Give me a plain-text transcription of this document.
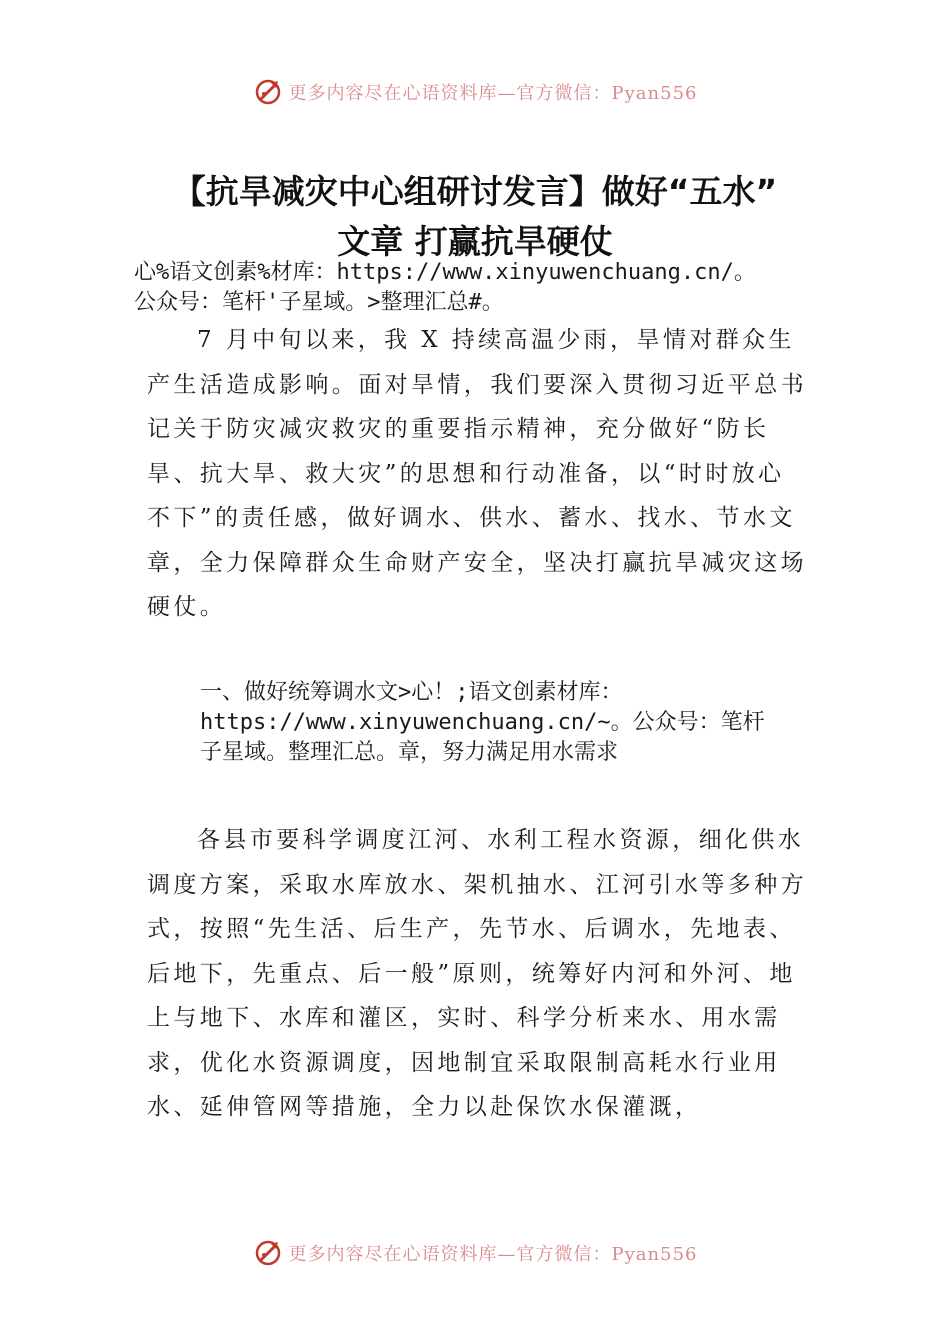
更多内容尽在心语资料库—官方微信：Pyan556
【抗旱减灾中心组研讨发言】做好“五水”
文章 打赢抗旱硬仗
心%语文创素%材库：https://www.xinyuwenchuang.cn/。
公众号：笔杆'子星域。>整理汇总#。
7 月中旬以来，我 X 持续高温少雨，旱情对群众生产生活造成影响。面对旱情，我们要深入贯彻习近平总书记关于防灾减灾救灾的重要指示精神，充分做好“防长旱、抗大旱、救大灾”的思想和行动准备，以“时时放心不下”的责任感，做好调水、供水、蓄水、找水、节水文章，全力保障群众生命财产安全，坚决打赢抗旱减灾这场硬仗。
一、做好统筹调水文>心！;语文创素材库：
https://www.xinyuwenchuang.cn/~。公众号：笔杆
子星域。整理汇总。章，努力满足用水需求
各县市要科学调度江河、水利工程水资源，细化供水调度方案，采取水库放水、架机抽水、江河引水等多种方式，按照“先生活、后生产，先节水、后调水，先地表、后地下，先重点、后一般”原则，统筹好内河和外河、地上与地下、水库和灌区，实时、科学分析来水、用水需求，优化水资源调度，因地制宜采取限制高耗水行业用水、延伸管网等措施，全力以赴保饮水保灌溉，
更多内容尽在心语资料库—官方微信：Pyan556
